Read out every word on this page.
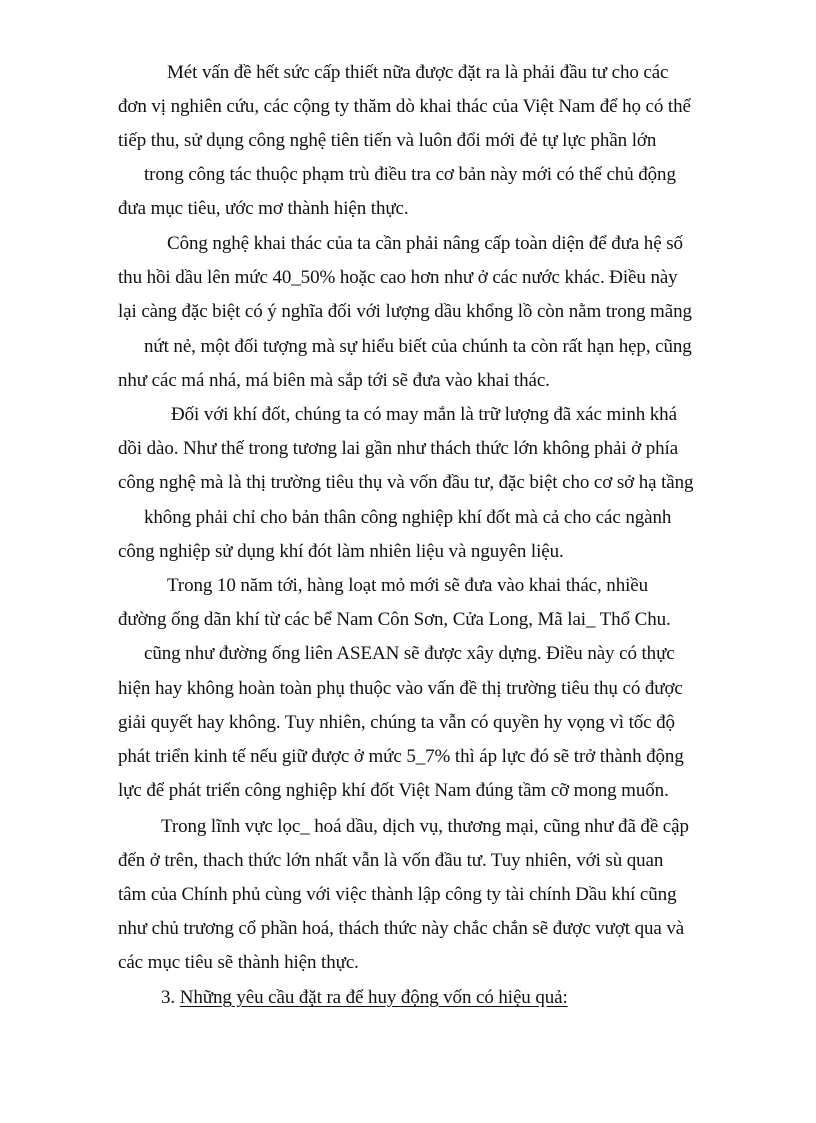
Mét vấn đề hết sức cấp thiết nữa được đặt ra là phải đầu tư cho các
đơn vị nghiên cứu, các cộng ty thăm dò khai thác của Việt Nam để họ có thể
tiếp thu, sử dụng công nghệ tiên tiến và luôn đổi mới đẻ tự lực phần lớn
trong công tác thuộc phạm trù điều tra cơ bản này mới có thể chủ động
đưa mục tiêu, ước mơ thành hiện thực.
Công nghệ khai thác của ta cần phải nâng cấp toàn diện để đưa hệ số
thu hồi dầu lên mức 40_50% hoặc cao hơn như ở các nước khác. Điều này
lại càng đặc biệt có ý nghĩa đối với lượng dầu khổng lồ còn nằm trong mãng
nứt nẻ, một đối tượng mà sự hiểu biết của chúnh ta còn rất hạn hẹp, cũng
như các má nhá, má biên mà sắp tới sẽ đưa vào khai thác.
Đối với khí đốt, chúng ta có may mắn là trữ lượng đã xác minh khá
dồi dào. Như thế trong tương lai gần như thách thức lớn không phải ở phía
công nghệ mà là thị trường tiêu thụ và vốn đầu tư, đặc biệt cho cơ sở hạ tầng
không phải chỉ cho bản thân công nghiệp khí đốt mà cả cho các ngành
công nghiệp sử dụng khí đót làm nhiên liệu và nguyên liệu.
Trong 10 năm tới, hàng loạt mỏ mới sẽ đưa vào khai thác, nhiều
đường ống dãn khí từ các bể Nam Côn Sơn, Cửa Long, Mã lai_ Thổ Chu.
cũng như đường ống liên ASEAN sẽ được xây dựng. Điều này có thực
hiện hay không hoàn toàn phụ thuộc vào vấn đề thị trường tiêu thụ có được
giải quyết hay không. Tuy nhiên, chúng ta vẫn có quyền hy vọng vì tốc độ
phát triển kinh tế nếu giữ được ở mức 5_7% thì áp lực đó sẽ trở thành động
lực để phát triển công nghiệp khí đốt Việt Nam đúng tầm cỡ mong muốn.
Trong lĩnh vực lọc_ hoá dầu, dịch vụ, thương mại, cũng như đã đề cập
đến ở trên, thach thức lớn nhất vẫn là vốn đầu tư. Tuy nhiên, với sù quan
tâm của Chính phủ cùng với việc thành lập công ty tài chính Dầu khí cũng
như chủ trương cổ phần hoá, thách thức này chắc chắn sẽ được vượt qua và
các mục tiêu sẽ thành hiện thực.
3. Những yêu cầu đặt ra để huy động vốn có hiệu quả:
